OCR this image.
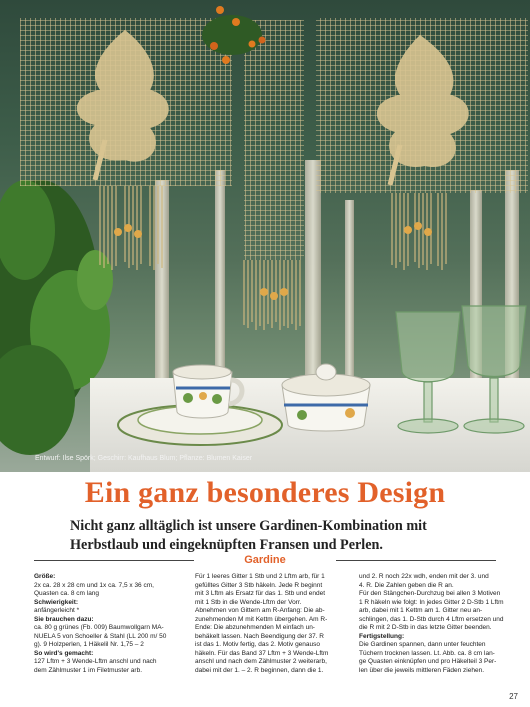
Entwurf: Ilse Spörk; Geschirr: Kaufhaus Blum; Pflanze: Blumen Kaiser
Ein ganz besonderes Design

Nicht ganz alltäglich ist unsere Gardinen-Kombination mit
Herbstlaub und eingeknüpften Fransen und Perlen.

Gardine
Größe:
2x ca. 28 x 28 cm und 1x ca. 7,5 x 36 cm,
Quasten ca. 8 cm lang
Schwierigkeit:
anfängerleicht *
Sie brauchen dazu:
ca. 80 g grünes (Fb. 009) Baumwollgarn MA-
NUELA 5 von Schoeller & Stahl (LL 200 m/ 50
g). 9 Holzperlen, 1 Häkelil Nr. 1,75 – 2
So wird's gemacht:
127 Lftm + 3 Wende-Lftm anschl und nach
dem Zählmuster 1 im Filetmuster arb.
Für 1 leeres Gitter 1 Stb und 2 Lftm arb, für 1
gefülltes Gitter 3 Stb häkeln. Jede R beginnt
mit 3 Lftm als Ersatz für das 1. Stb und endet
mit 1 Stb in die Wende-Lftm der Vorr.
Abnehmen von Gittern am R-Anfang: Die ab-
zunehmenden M mit Kettm übergehen. Am R-
Ende: Die abzunehmenden M einfach un-
behäkelt lassen. Nach Beendigung der 37. R
ist das 1. Motiv fertig, das 2. Motiv genauso
häkeln. Für das Band 37 Lftm + 3 Wende-Lftm
anschl und nach dem Zählmuster 2 weiterarb,
dabei mit der 1. – 2. R beginnen, dann die 1.
und 2. R noch 22x wdh, enden mit der 3. und
4. R. Die Zahlen geben die R an.
Für den Stängchen-Durchzug bei allen 3 Motiven
1 R häkeln wie folgt: In jedes Gitter 2 D-Stb 1 Lftm
arb, dabei mit 1 Kettm am 1. Gitter neu an-
schlingen, das 1. D-Stb durch 4 Lftm ersetzen und
die R mit 2 D-Stb in das letzte Gitter beenden.
Fertigstellung:
Die Gardinen spannen, dann unter feuchten
Tüchern trocknen lassen. Lt. Abb. ca. 8 cm lan-
ge Quasten einknüpfen und pro Häkelteil 3 Per-
len über die jeweils mittleren Fäden ziehen.
27
